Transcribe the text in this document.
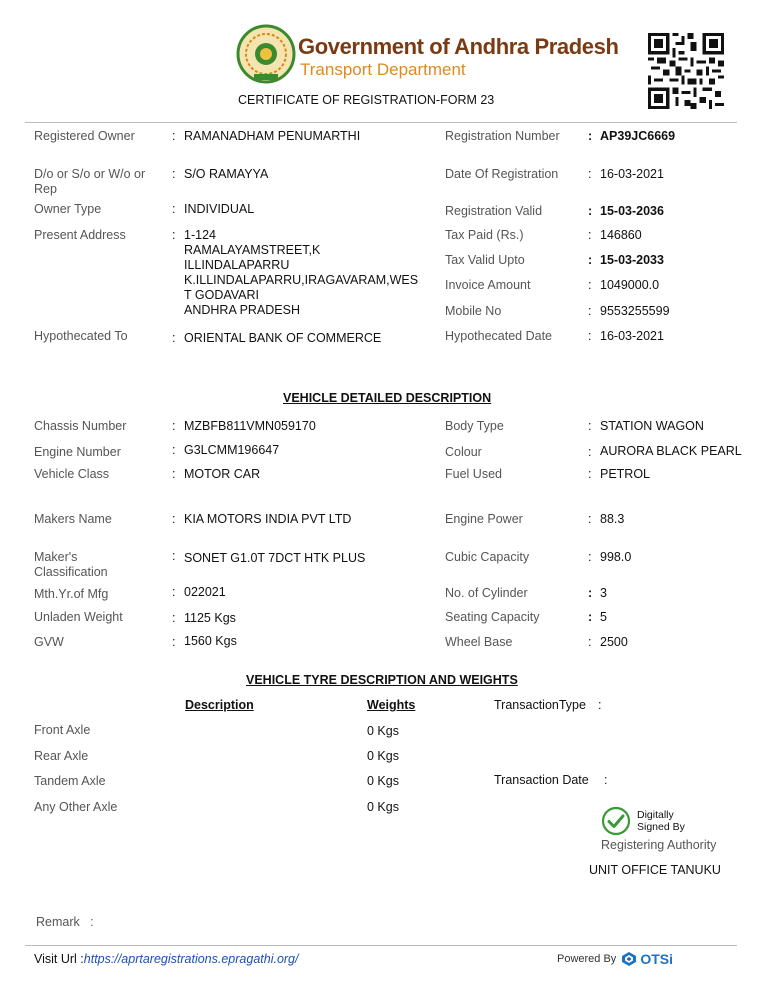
Government of Andhra Pradesh
Transport Department
CERTIFICATE OF REGISTRATION-FORM 23
Registered Owner	: RAMANADHAM PENUMARTHI	Registration Number : AP39JC6669
D/o or S/o or W/o or Rep
: S/O RAMAYYA	Date Of Registration : 16-03-2021
Owner Type	: INDIVIDUAL	Registration Valid	: 15-03-2036
Present Address	: 1-124
RAMALAYAMSTREET,K
ILLINDALAPARRU
K.ILLINDALAPARRU,IRAGAVARAM,WES
T GODAVARI
ANDHRA PRADESH
Tax Paid (Rs.)	: 146860
Tax Valid Upto	: 15-03-2033
Invoice Amount	: 1049000.0
Mobile No	: 9553255599
Hypothecated To	: ORIENTAL BANK OF COMMERCE	Hypothecated Date	: 16-03-2021
VEHICLE DETAILED DESCRIPTION
Chassis Number	: MZBFB811VMN059170	Body Type	: STATION WAGON
Engine Number	: G3LCMM196647	Colour	: AURORA BLACK PEARL
Vehicle Class	: MOTOR CAR	Fuel Used	: PETROL
Makers Name	: KIA MOTORS INDIA PVT LTD	Engine Power	: 88.3
Maker's Classification
: SONET G1.0T 7DCT HTK PLUS	Cubic Capacity	: 998.0
Mth.Yr.of Mfg	: 022021	No. of Cylinder	: 3
Unladen Weight	: 1125 Kgs	Seating Capacity	: 5
GVW	: 1560 Kgs	Wheel Base	: 2500
VEHICLE TYRE DESCRIPTION AND WEIGHTS
Description	Weights	TransactionType :
Front Axle	0 Kgs
Rear Axle	0 Kgs
Tandem Axle	0 Kgs
Any Other Axle	0 Kgs
Transaction Date :
Digitally
Signed By
Registering Authority
UNIT OFFICE TANUKU
Remark   :
Visit Url :https://aprtaregistrations.epragathi.org/	Powered By OTSi
